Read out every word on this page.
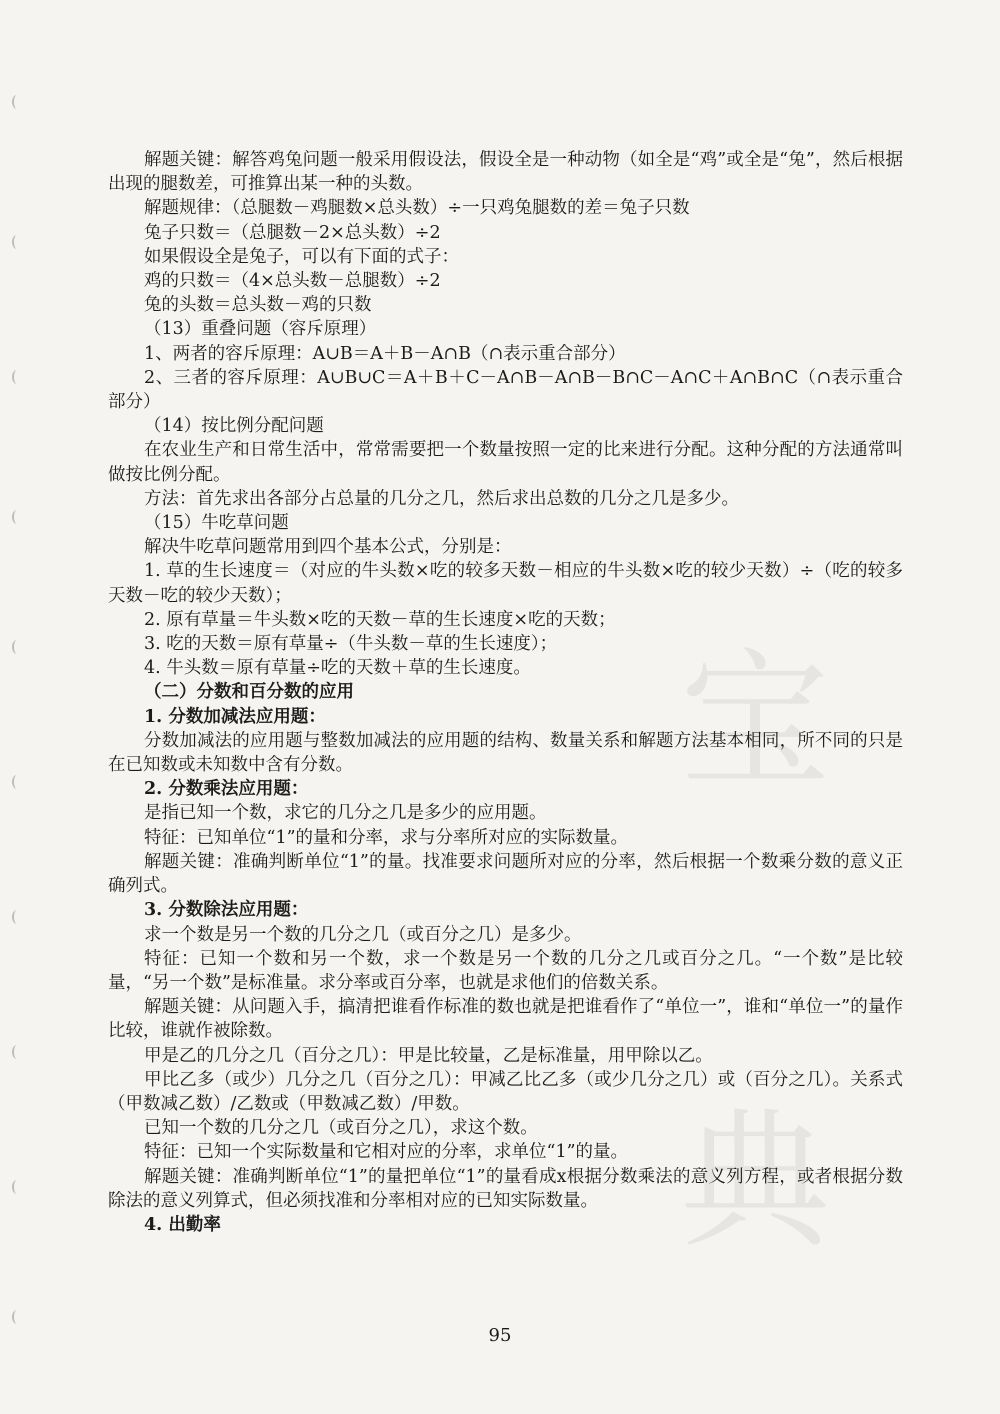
宝
典

解题关键：解答鸡兔问题一般采用假设法，假设全是一种动物（如全是“鸡”或全是“兔”，然后根据出现的腿数差，可推算出某一种的头数。

解题规律：（总腿数－鸡腿数×总头数）÷一只鸡兔腿数的差＝兔子只数

兔子只数＝（总腿数－2×总头数）÷2

如果假设全是兔子，可以有下面的式子：

鸡的只数＝（4×总头数－总腿数）÷2

兔的头数＝总头数－鸡的只数

（13）重叠问题（容斥原理）

1、两者的容斥原理：A∪B＝A＋B－A∩B（∩表示重合部分）

2、三者的容斥原理：A∪B∪C＝A＋B＋C－A∩B－A∩B－B∩C－A∩C＋A∩B∩C（∩表示重合部分）

（14）按比例分配问题

在农业生产和日常生活中，常常需要把一个数量按照一定的比来进行分配。这种分配的方法通常叫做按比例分配。

方法：首先求出各部分占总量的几分之几，然后求出总数的几分之几是多少。

（15）牛吃草问题

解决牛吃草问题常用到四个基本公式，分别是：

1. 草的生长速度＝（对应的牛头数×吃的较多天数－相应的牛头数×吃的较少天数）÷（吃的较多天数－吃的较少天数）；

2. 原有草量＝牛头数×吃的天数－草的生长速度×吃的天数；

3. 吃的天数＝原有草量÷（牛头数－草的生长速度）；

4. 牛头数＝原有草量÷吃的天数＋草的生长速度。

（二）分数和百分数的应用

1. 分数加减法应用题：

分数加减法的应用题与整数加减法的应用题的结构、数量关系和解题方法基本相同，所不同的只是在已知数或未知数中含有分数。

2. 分数乘法应用题：

是指已知一个数，求它的几分之几是多少的应用题。

特征：已知单位“1”的量和分率，求与分率所对应的实际数量。

解题关键：准确判断单位“1”的量。找准要求问题所对应的分率，然后根据一个数乘分数的意义正确列式。

3. 分数除法应用题：

求一个数是另一个数的几分之几（或百分之几）是多少。

特征：已知一个数和另一个数，求一个数是另一个数的几分之几或百分之几。“一个数”是比较量，“另一个数”是标准量。求分率或百分率，也就是求他们的倍数关系。

解题关键：从问题入手，搞清把谁看作标准的数也就是把谁看作了“单位一”，谁和“单位一”的量作比较，谁就作被除数。

甲是乙的几分之几（百分之几）：甲是比较量，乙是标准量，用甲除以乙。

甲比乙多（或少）几分之几（百分之几）：甲减乙比乙多（或少几分之几）或（百分之几）。关系式（甲数减乙数）/乙数或（甲数减乙数）/甲数。

已知一个数的几分之几（或百分之几），求这个数。

特征：已知一个实际数量和它相对应的分率，求单位“1”的量。

解题关键：准确判断单位“1”的量把单位“1”的量看成x根据分数乘法的意义列方程，或者根据分数除法的意义列算式，但必须找准和分率相对应的已知实际数量。

4. 出勤率

95
